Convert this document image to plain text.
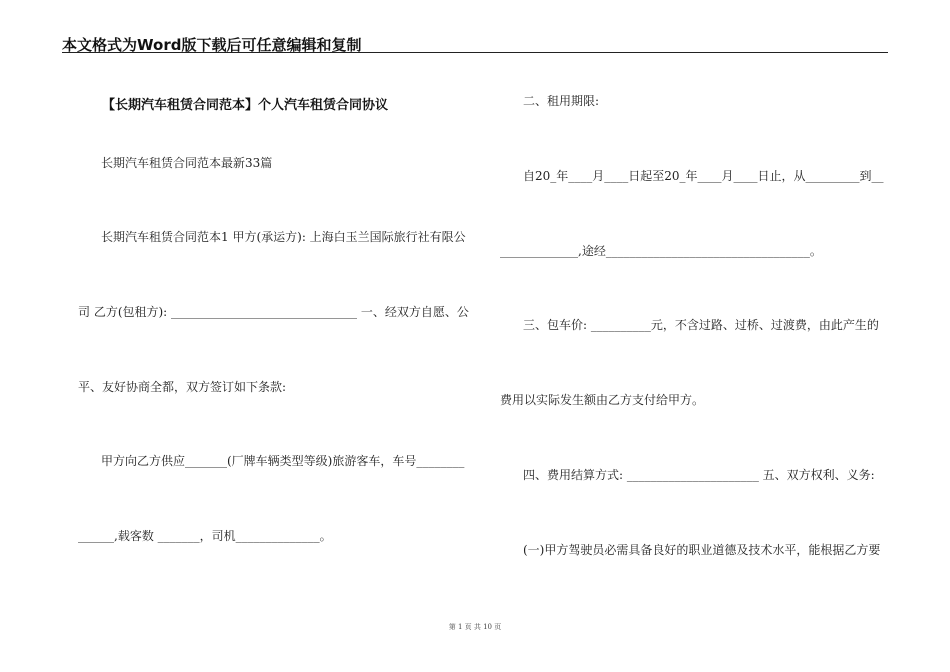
本文格式为Word版下载后可任意编辑和复制
【长期汽车租赁合同范本】个人汽车租赁合同协议
长期汽车租赁合同范本最新33篇
长期汽车租赁合同范本1 甲方(承运方): 上海白玉兰国际旅行社有限公
司 乙方(包租方): _______________________________ 一、经双方自愿、公
平、友好协商全都，双方签订如下条款:
甲方向乙方供应_______(厂牌车辆类型等级)旅游客车，车号________
______,载客数 _______，司机______________。
二、租用期限:
自20_年____月____日起至20_年____月____日止，从_________到__
_____________,途经__________________________________。
三、包车价: __________元，不含过路、过桥、过渡费，由此产生的
费用以实际发生额由乙方支付给甲方。
四、费用结算方式: ______________________ 五、双方权利、义务:
(一)甲方驾驶员必需具备良好的职业道德及技术水平，能根据乙方要
第 1 页 共 10 页
